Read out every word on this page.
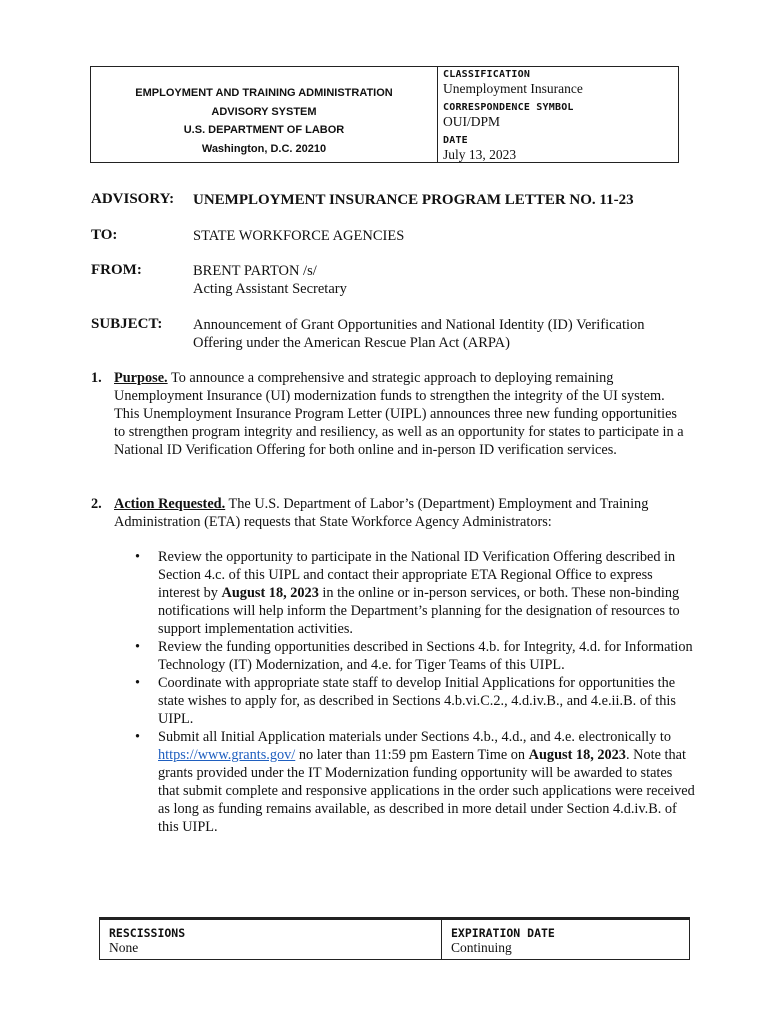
EMPLOYMENT AND TRAINING ADMINISTRATION
ADVISORY SYSTEM
U.S. DEPARTMENT OF LABOR
Washington, D.C. 20210
CLASSIFICATION
Unemployment Insurance
CORRESPONDENCE SYMBOL
OUI/DPM
DATE
July 13, 2023
ADVISORY: UNEMPLOYMENT INSURANCE PROGRAM LETTER NO. 11-23
TO:	STATE WORKFORCE AGENCIES
FROM:	BRENT PARTON /s/
Acting Assistant Secretary
SUBJECT: Announcement of Grant Opportunities and National Identity (ID) Verification
Offering under the American Rescue Plan Act (ARPA)
1. Purpose. To announce a comprehensive and strategic approach to deploying remaining Unemployment Insurance (UI) modernization funds to strengthen the integrity of the UI system. This Unemployment Insurance Program Letter (UIPL) announces three new funding opportunities to strengthen program integrity and resiliency, as well as an opportunity for states to participate in a National ID Verification Offering for both online and in-person ID verification services.
2. Action Requested. The U.S. Department of Labor’s (Department) Employment and Training Administration (ETA) requests that State Workforce Agency Administrators:
• Review the opportunity to participate in the National ID Verification Offering described in Section 4.c. of this UIPL and contact their appropriate ETA Regional Office to express interest by August 18, 2023 in the online or in-person services, or both. These non-binding notifications will help inform the Department’s planning for the designation of resources to support implementation activities.
• Review the funding opportunities described in Sections 4.b. for Integrity, 4.d. for Information Technology (IT) Modernization, and 4.e. for Tiger Teams of this UIPL.
• Coordinate with appropriate state staff to develop Initial Applications for opportunities the state wishes to apply for, as described in Sections 4.b.vi.C.2., 4.d.iv.B., and 4.e.ii.B. of this UIPL.
• Submit all Initial Application materials under Sections 4.b., 4.d., and 4.e. electronically to https://www.grants.gov/ no later than 11:59 pm Eastern Time on August 18, 2023. Note that grants provided under the IT Modernization funding opportunity will be awarded to states that submit complete and responsive applications in the order such applications were received as long as funding remains available, as described in more detail under Section 4.d.iv.B. of this UIPL.
RESCISSIONS
None
EXPIRATION DATE
Continuing
